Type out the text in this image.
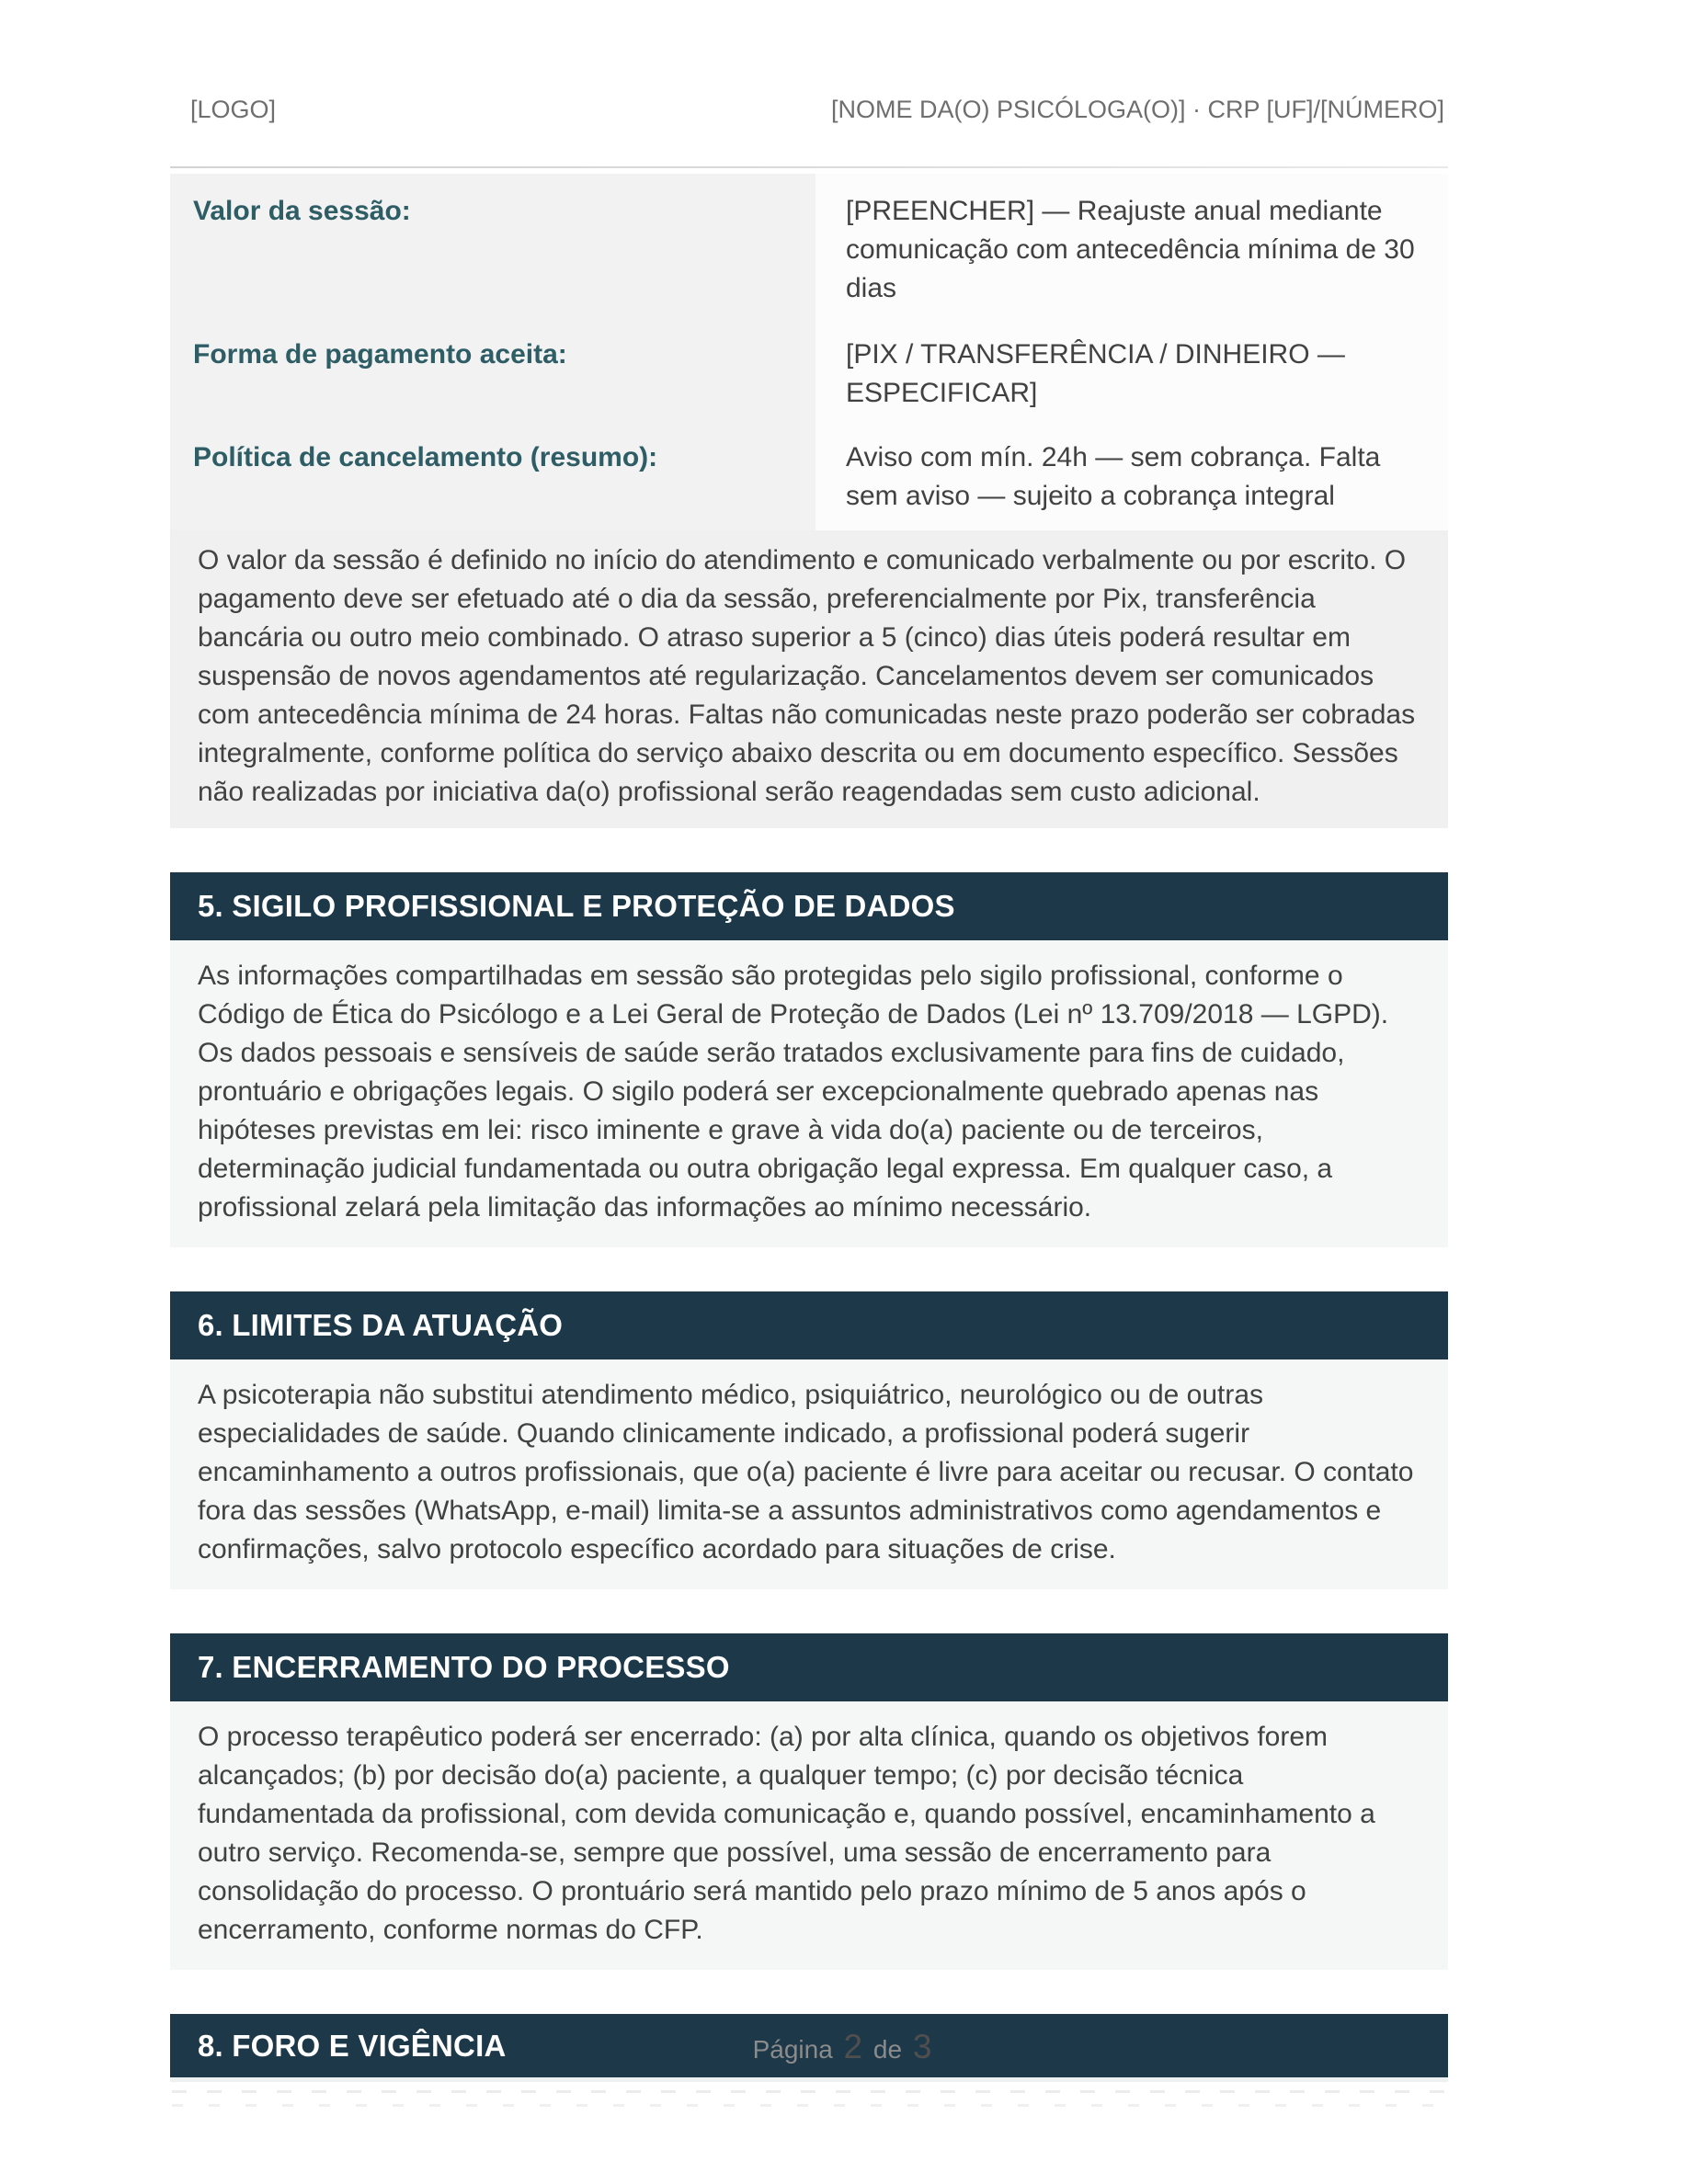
[LOGO]	[NOME DA(O) PSICÓLOGA(O)] · CRP [UF]/[NÚMERO]
Valor da sessão:	[PREENCHER] — Reajuste anual mediante comunicação com antecedência mínima de 30 dias
Forma de pagamento aceita:	[PIX / TRANSFERÊNCIA / DINHEIRO — ESPECIFICAR]
Política de cancelamento (resumo):	Aviso com mín. 24h — sem cobrança. Falta sem aviso — sujeito a cobrança integral
O valor da sessão é definido no início do atendimento e comunicado verbalmente ou por escrito. O pagamento deve ser efetuado até o dia da sessão, preferencialmente por Pix, transferência bancária ou outro meio combinado. O atraso superior a 5 (cinco) dias úteis poderá resultar em suspensão de novos agendamentos até regularização. Cancelamentos devem ser comunicados com antecedência mínima de 24 horas. Faltas não comunicadas neste prazo poderão ser cobradas integralmente, conforme política do serviço abaixo descrita ou em documento específico. Sessões não realizadas por iniciativa da(o) profissional serão reagendadas sem custo adicional.
5. SIGILO PROFISSIONAL E PROTEÇÃO DE DADOS
As informações compartilhadas em sessão são protegidas pelo sigilo profissional, conforme o Código de Ética do Psicólogo e a Lei Geral de Proteção de Dados (Lei nº 13.709/2018 — LGPD). Os dados pessoais e sensíveis de saúde serão tratados exclusivamente para fins de cuidado, prontuário e obrigações legais. O sigilo poderá ser excepcionalmente quebrado apenas nas hipóteses previstas em lei: risco iminente e grave à vida do(a) paciente ou de terceiros, determinação judicial fundamentada ou outra obrigação legal expressa. Em qualquer caso, a profissional zelará pela limitação das informações ao mínimo necessário.
6. LIMITES DA ATUAÇÃO
A psicoterapia não substitui atendimento médico, psiquiátrico, neurológico ou de outras especialidades de saúde. Quando clinicamente indicado, a profissional poderá sugerir encaminhamento a outros profissionais, que o(a) paciente é livre para aceitar ou recusar. O contato fora das sessões (WhatsApp, e-mail) limita-se a assuntos administrativos como agendamentos e confirmações, salvo protocolo específico acordado para situações de crise.
7. ENCERRAMENTO DO PROCESSO
O processo terapêutico poderá ser encerrado: (a) por alta clínica, quando os objetivos forem alcançados; (b) por decisão do(a) paciente, a qualquer tempo; (c) por decisão técnica fundamentada da profissional, com devida comunicação e, quando possível, encaminhamento a outro serviço. Recomenda-se, sempre que possível, uma sessão de encerramento para consolidação do processo. O prontuário será mantido pelo prazo mínimo de 5 anos após o encerramento, conforme normas do CFP.
8. FORO E VIGÊNCIA	Página 2 de 3
